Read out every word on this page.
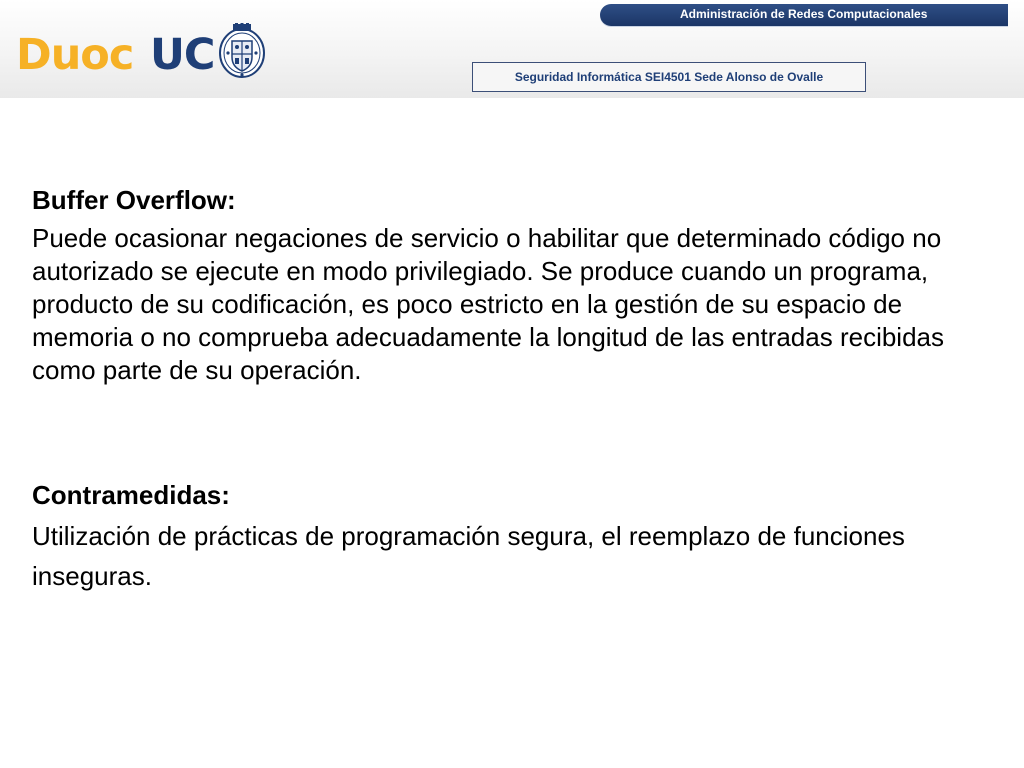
Administración de Redes Computacionales
Duoc UC	Seguridad Informática SEI4501 Sede Alonso de Ovalle
Buffer Overflow:

Puede ocasionar negaciones de servicio o habilitar que determinado código no autorizado se ejecute en modo privilegiado. Se produce cuando un programa, producto de su codificación, es poco estricto en la gestión de su espacio de memoria o no comprueba adecuadamente la longitud de las entradas recibidas como parte de su operación.

Contramedidas:

Utilización de prácticas de programación segura, el reemplazo de funciones inseguras.
